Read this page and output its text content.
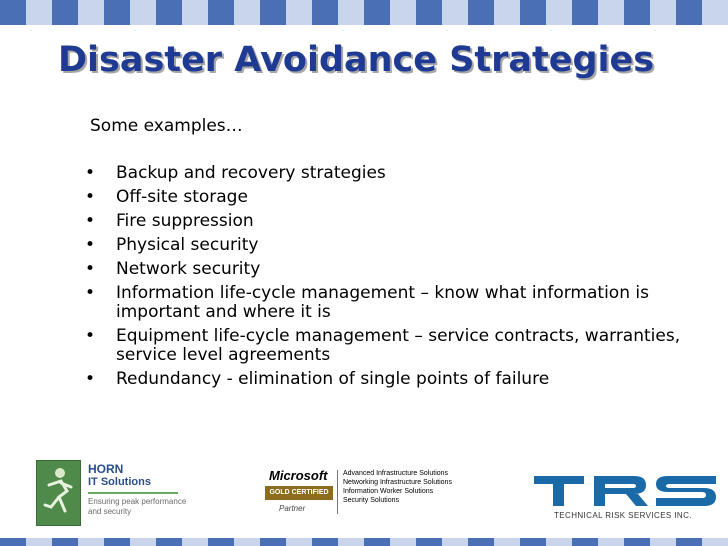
Disaster Avoidance Strategies
Some examples…
• Backup and recovery strategies
• Off-site storage
• Fire suppression
• Physical security
• Network security
• Information life-cycle management – know what information is important and where it is
• Equipment life-cycle management – service contracts, warranties, service level agreements
• Redundancy - elimination of single points of failure
HORN
IT Solutions
Ensuring peak performance
and security
Microsoft
GOLD CERTIFIED
Partner
Advanced Infrastructure Solutions
Networking Infrastructure Solutions
Information Worker Solutions
Security Solutions
TECHNICAL RISK SERVICES INC.
